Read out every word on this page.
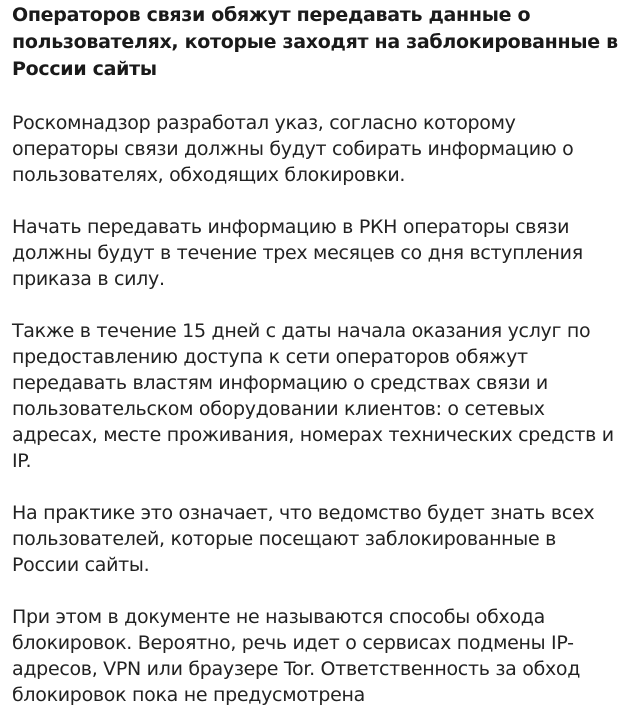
Операторов связи обяжут передавать данные о пользователях, которые заходят на заблокированные в России сайты

Роскомнадзор разработал указ, согласно которому операторы связи должны будут собирать информацию о пользователях, обходящих блокировки.

Начать передавать информацию в РКН операторы связи должны будут в течение трех месяцев со дня вступления приказа в силу.

Также в течение 15 дней с даты начала оказания услуг по предоставлению доступа к сети операторов обяжут передавать властям информацию о средствах связи и пользовательском оборудовании клиентов: о сетевых адресах, месте проживания, номерах технических средств и IP.

На практике это означает, что ведомство будет знать всех пользователей, которые посещают заблокированные в России сайты.

При этом в документе не называются способы обхода блокировок. Вероятно, речь идет о сервисах подмены IP-адресов, VPN или браузере Tor. Ответственность за обход блокировок пока не предусмотрена
